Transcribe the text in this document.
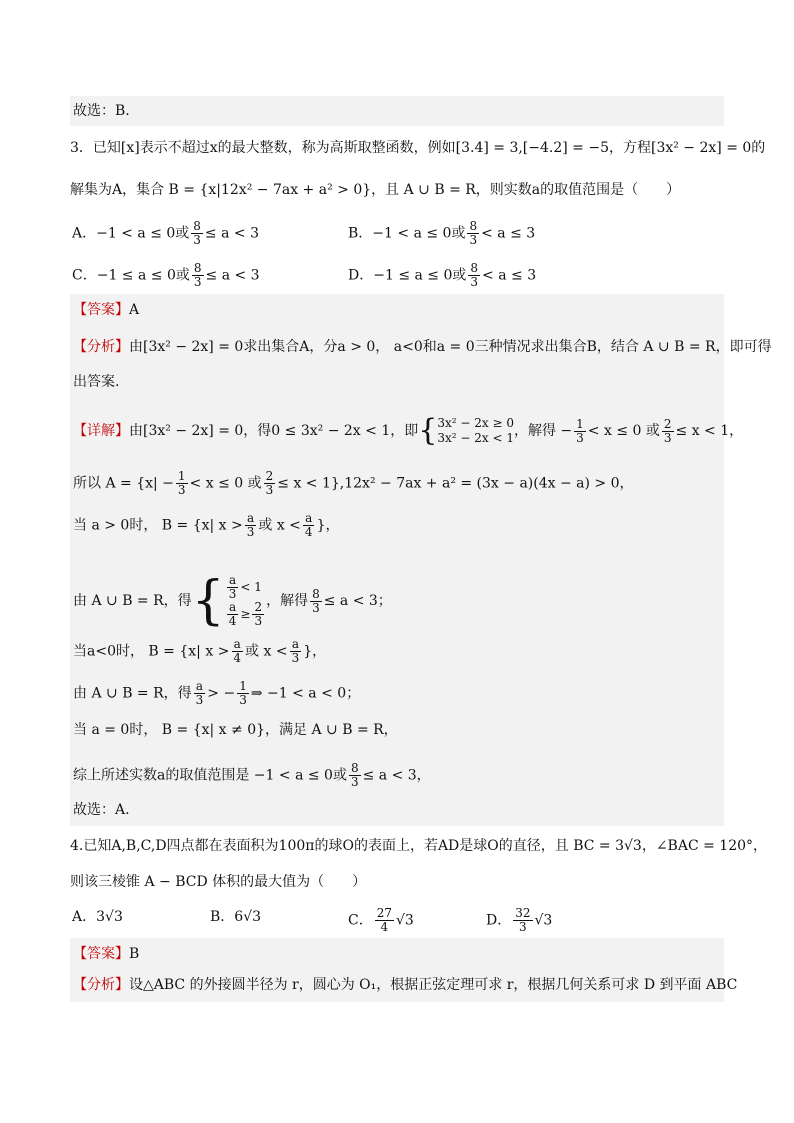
故选：B.
3．已知[x]表示不超过x的最大整数，称为高斯取整函数，例如[3.4] = 3,[−4.2] = −5，方程[3x² − 2x] = 0的
解集为A，集合 B = {x|12x² − 7ax + a² > 0}，且 A ∪ B = R，则实数a的取值范围是（　　）
A．−1 < a ≤ 0或 $\frac{8}{3} \le a < 3$	B．−1 < a ≤ 0或 $\frac{8}{3} < a \le 3$
C．−1 ≤ a ≤ 0或 $\frac{8}{3} \le a < 3$	D．−1 ≤ a ≤ 0或 $\frac{8}{3} < a \le 3$
【答案】A
【分析】由[3x² − 2x] = 0求出集合A，分a > 0， a<0和a = 0三种情况求出集合B，结合 A ∪ B = R，即可得
出答案.
【详解】由[3x² − 2x] = 0，得0 ≤ 3x² − 2x < 1，即 { 3x² − 2x ≥ 0
3x² − 2x < 1 ，解得 − $\frac{1}{3} < x \le 0$ 或 $\frac{2}{3} \le x < 1$，
所以 $A = \{x| - \frac{1}{3} < x \le 0$ 或 $\frac{2}{3} \le x < 1\},12x^2 - 7ax + a^2 = (3x - a)(4x - a) > 0$，
当 a > 0时， B = {x| $x > \frac{a}{3}$ 或 $x < \frac{a}{4}$ }，
由 A ∪ B = R，得 { $\frac{a}{3} < 1$
$\frac{a}{4} \ge \frac{2}{3}$ ，解得 $\frac{8}{3} \le a < 3$；
当a<0时， B = {x| $x > \frac{a}{4}$ 或 $x < \frac{a}{3}$ }，
由 A ∪ B = R，得 $\frac{a}{3}$ > − $\frac{1}{3}$ ⇒ −1 < a < 0；
当 a = 0时， B = {x| x ≠ 0}，满足 A ∪ B = R，
综上所述实数a的取值范围是 −1 < a ≤ 0或 $\frac{8}{3} \le a < 3$，
故选：A.
4.已知A,B,C,D四点都在表面积为100π的球O的表面上，若AD是球O的直径，且 BC = 3√3，∠BAC = 120°，
则该三棱锥 A − BCD 体积的最大值为（　　）
A．3√3	B．6√3	C． $\frac{27}{4} √3$	D． $\frac{32}{3} √3$
【答案】B
【分析】设△ABC 的外接圆半径为 r，圆心为 O₁，根据正弦定理可求 r，根据几何关系可求 D 到平面 ABC
